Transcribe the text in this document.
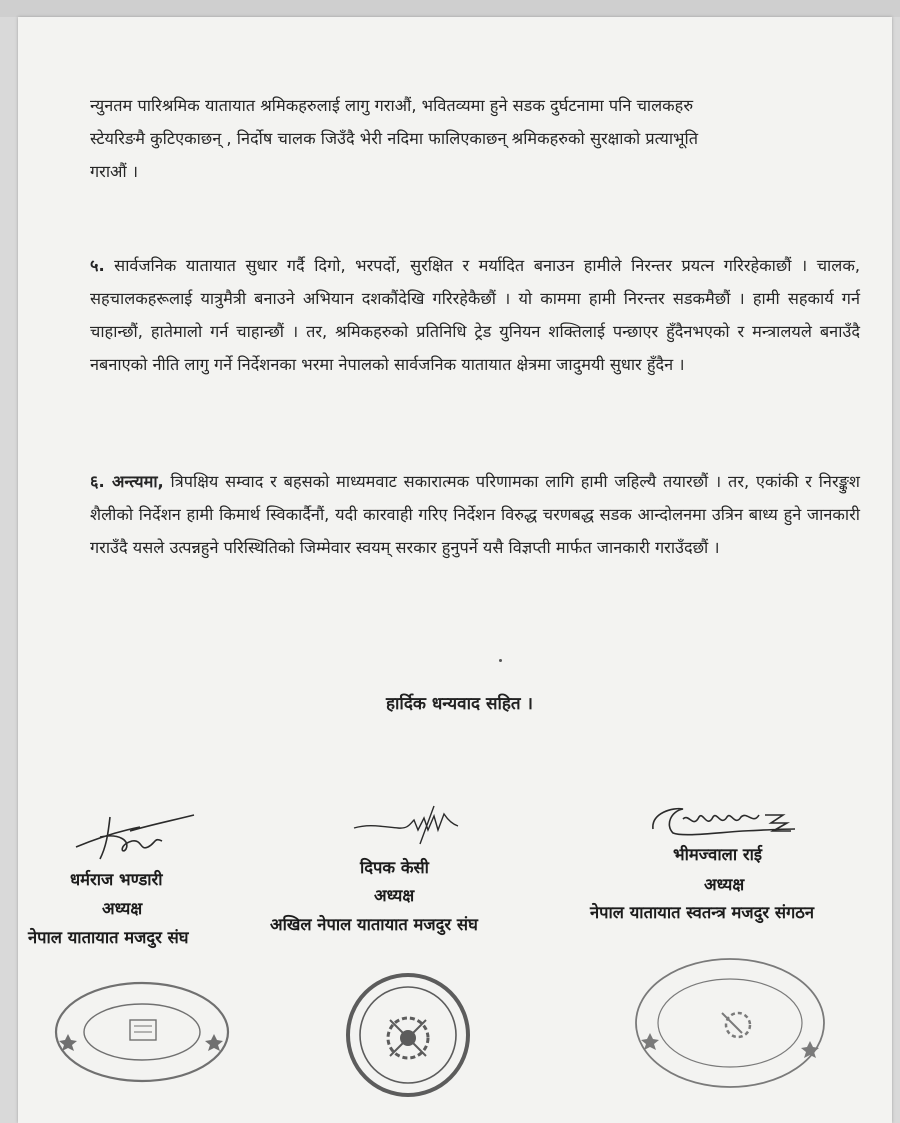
न्युनतम पारिश्रमिक यातायात श्रमिकहरुलाई लागु गराऔं, भवितव्यमा हुने सडक दुर्घटनामा पनि चालकहरु
स्टेयरिङमै कुटिएकाछन् , निर्दोष चालक जिउँदै भेरी नदिमा फालिएकाछन् श्रमिकहरुको सुरक्षाको प्रत्याभूति
गराऔं ।
५. सार्वजनिक यातायात सुधार गर्दै दिगो, भरपर्दो, सुरक्षित र मर्यादित बनाउन हामीले निरन्तर प्रयत्न गरिरहेकाछौं । चालक, सहचालकहरूलाई यात्रुमैत्री बनाउने अभियान दशकौंदेखि गरिरहेकैछौं । यो काममा हामी निरन्तर सडकमैछौं । हामी सहकार्य गर्न चाहान्छौं, हातेमालो गर्न चाहान्छौं । तर, श्रमिकहरुको प्रतिनिधि ट्रेड युनियन शक्तिलाई पन्छाएर हुँदैनभएको र मन्त्रालयले बनाउँदै नबनाएको नीति लागु गर्ने निर्देशनका भरमा नेपालको सार्वजनिक यातायात क्षेत्रमा जादुमयी सुधार हुँदैन ।
६. अन्त्यमा, त्रिपक्षिय सम्वाद र बहसको माध्यमवाट सकारात्मक परिणामका लागि हामी जहिल्यै तयारछौं । तर, एकांकी र निरङ्कुश शैलीको निर्देशन हामी किमार्थ स्विकार्दैनौं, यदी कारवाही गरिए निर्देशन विरुद्ध चरणबद्ध सडक आन्दोलनमा उत्रिन बाध्य हुने जानकारी गराउँदै यसले उत्पन्नहुने परिस्थितिको जिम्मेवार स्वयम् सरकार हुनुपर्ने यसै विज्ञप्ती मार्फत जानकारी गराउँदछौं ।
हार्दिक धन्यवाद सहित ।
धर्मराज भण्डारी
अध्यक्ष
नेपाल यातायात मजदुर संघ
दिपक केसी
अध्यक्ष
अखिल नेपाल यातायात मजदुर संघ
भीमज्वाला राई
अध्यक्ष
नेपाल यातायात स्वतन्त्र मजदुर संगठन
